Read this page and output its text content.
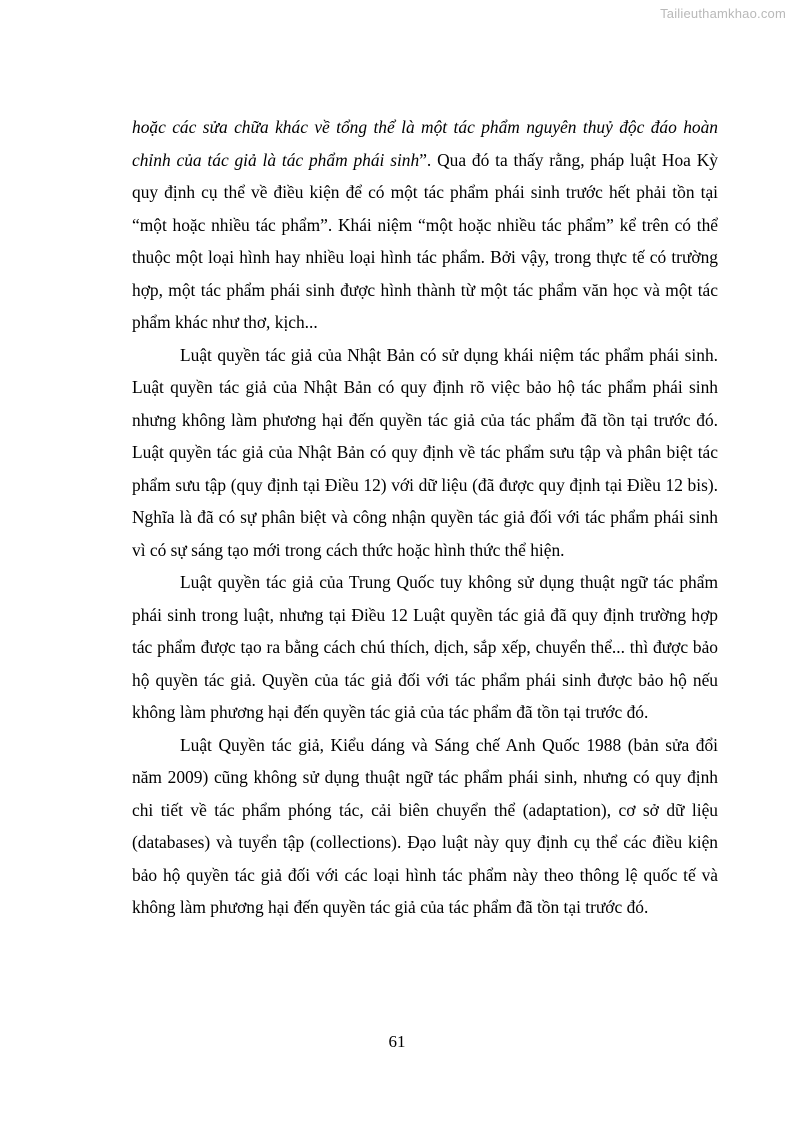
Tailieuthamkhao.com

hoặc các sửa chữa khác về tổng thể là một tác phẩm nguyên thuỷ độc đáo hoàn chỉnh của tác giả là tác phẩm phái sinh”. Qua đó ta thấy rằng, pháp luật Hoa Kỳ quy định cụ thể về điều kiện để có một tác phẩm phái sinh trước hết phải tồn tại “một hoặc nhiều tác phẩm”. Khái niệm “một hoặc nhiều tác phẩm” kể trên có thể thuộc một loại hình hay nhiều loại hình tác phẩm. Bởi vậy, trong thực tế có trường hợp, một tác phẩm phái sinh được hình thành từ một tác phẩm văn học và một tác phẩm khác như thơ, kịch...

Luật quyền tác giả của Nhật Bản có sử dụng khái niệm tác phẩm phái sinh. Luật quyền tác giả của Nhật Bản có quy định rõ việc bảo hộ tác phẩm phái sinh nhưng không làm phương hại đến quyền tác giả của tác phẩm đã tồn tại trước đó. Luật quyền tác giả của Nhật Bản có quy định về tác phẩm sưu tập và phân biệt tác phẩm sưu tập (quy định tại Điều 12) với dữ liệu (đã được quy định tại Điều 12 bis). Nghĩa là đã có sự phân biệt và công nhận quyền tác giả đối với tác phẩm phái sinh vì có sự sáng tạo mới trong cách thức hoặc hình thức thể hiện.

Luật quyền tác giả của Trung Quốc tuy không sử dụng thuật ngữ tác phẩm phái sinh trong luật, nhưng tại Điều 12 Luật quyền tác giả đã quy định trường hợp tác phẩm được tạo ra bằng cách chú thích, dịch, sắp xếp, chuyển thể... thì được bảo hộ quyền tác giả. Quyền của tác giả đối với tác phẩm phái sinh được bảo hộ nếu không làm phương hại đến quyền tác giả của tác phẩm đã tồn tại trước đó.

Luật Quyền tác giả, Kiểu dáng và Sáng chế Anh Quốc 1988 (bản sửa đổi năm 2009) cũng không sử dụng thuật ngữ tác phẩm phái sinh, nhưng có quy định chi tiết về tác phẩm phóng tác, cải biên chuyển thể (adaptation), cơ sở dữ liệu (databases) và tuyển tập (collections). Đạo luật này quy định cụ thể các điều kiện bảo hộ quyền tác giả đối với các loại hình tác phẩm này theo thông lệ quốc tế và không làm phương hại đến quyền tác giả của tác phẩm đã tồn tại trước đó.

61
